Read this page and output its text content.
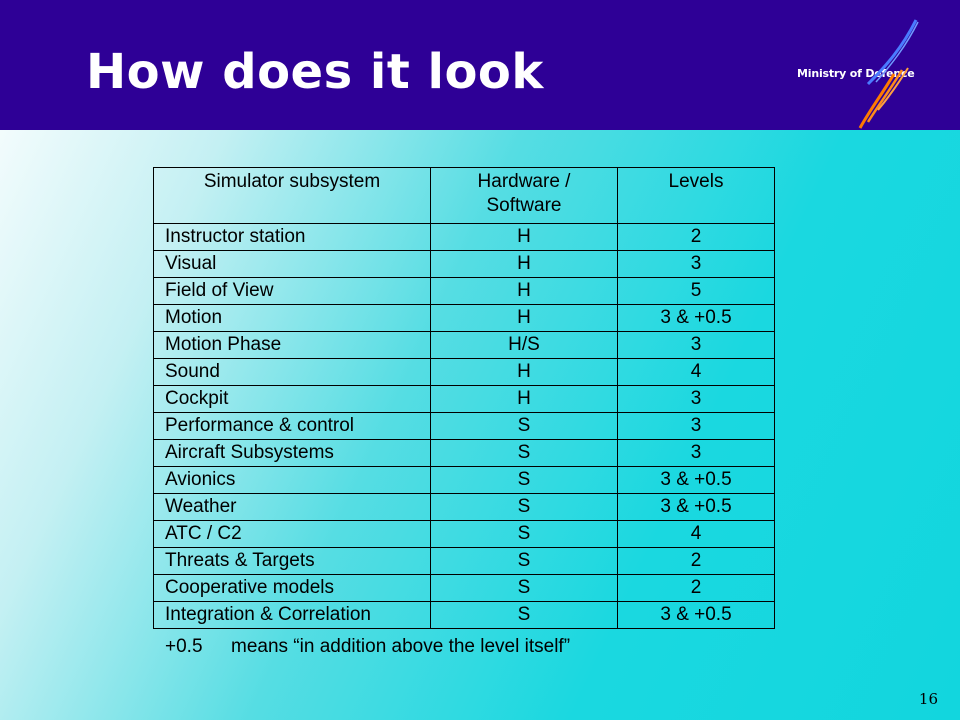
How does it look	Ministry of Defence
Simulator subsystem	Hardware / Software	Levels
Instructor station	H	2
Visual	H	3
Field of View	H	5
Motion	H	3 & +0.5
Motion Phase	H/S	3
Sound	H	4
Cockpit	H	3
Performance & control	S	3
Aircraft Subsystems	S	3
Avionics	S	3 & +0.5
Weather	S	3 & +0.5
ATC / C2	S	4
Threats & Targets	S	2
Cooperative models	S	2
Integration & Correlation	S	3 & +0.5
+0.5 means “in addition above the level itself”
16
